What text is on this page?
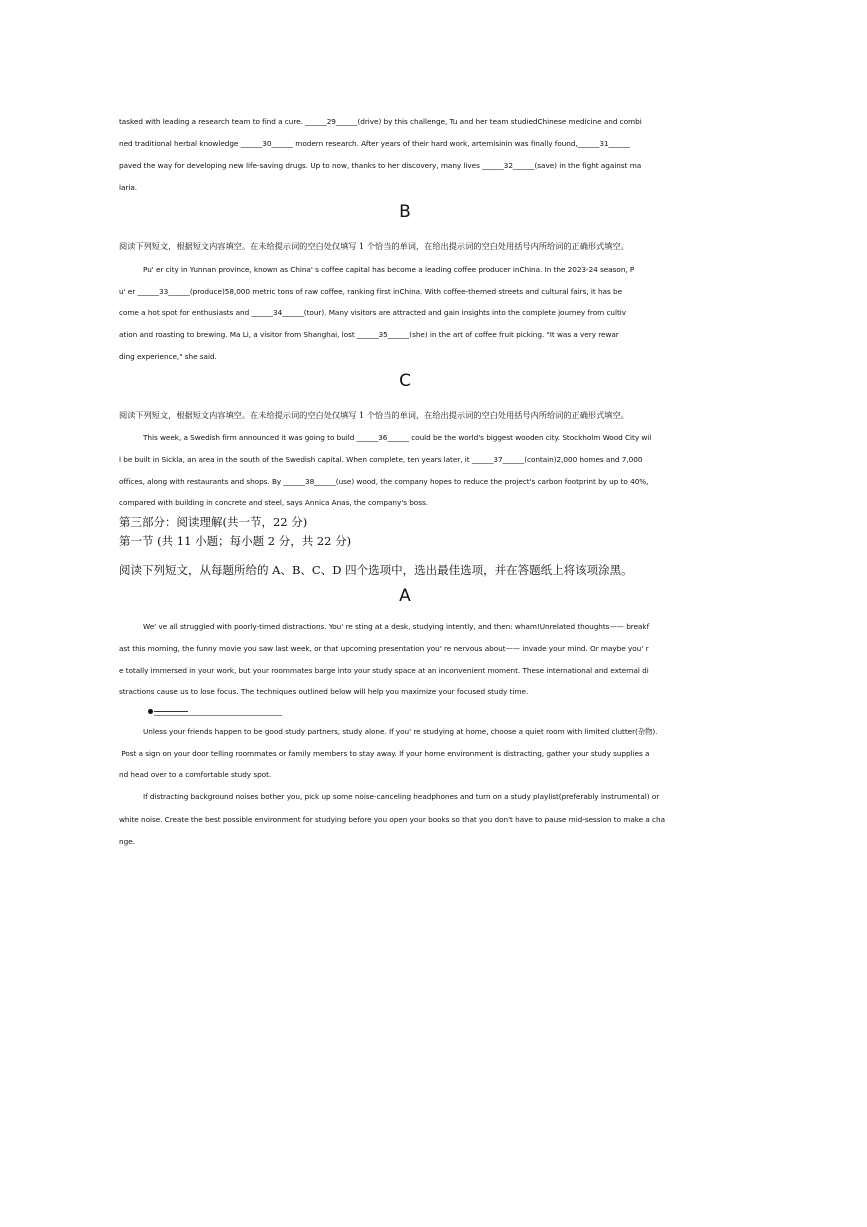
tasked with leading a research team to find a cure. ______29______(drive) by this challenge, Tu and her team studiedChinese medicine and combi
ned traditional herbal knowledge ______30______ modern research. After years of their hard work, artemisinin was finally found,______31______
paved the way for developing new life-saving drugs. Up to now, thanks to her discovery, many lives ______32______(save) in the fight against ma
laria.
B
阅读下列短文，根据短文内容填空。在未给提示词的空白处仅填写 1 个恰当的单词，在给出提示词的空白处用括号内所给词的正确形式填空。
Pu' er city in Yunnan province, known as China' s coffee capital has become a leading coffee producer inChina. In the 2023-24 season, P
u' er ______33______(produce)58,000 metric tons of raw coffee, ranking first inChina. With coffee-themed streets and cultural fairs, it has be
come a hot spot for enthusiasts and ______34______(tour). Many visitors are attracted and gain insights into the complete journey from cultiv
ation and roasting to brewing. Ma Li, a visitor from Shanghai, lost ______35______(she) in the art of coffee fruit picking. "It was a very rewar
ding experience," she said.
C
阅读下列短文，根据短文内容填空。在未给提示词的空白处仅填写 1 个恰当的单词，在给出提示词的空白处用括号内所给词的正确形式填空。
This week, a Swedish firm announced it was going to build ______36______ could be the world's biggest wooden city. Stockholm Wood City wil
l be built in Sickla, an area in the south of the Swedish capital. When complete, ten years later, it ______37______(contain)2,000 homes and 7,000
offices, along with restaurants and shops. By ______38______(use) wood, the company hopes to reduce the project's carbon footprint by up to 40%,
compared with building in concrete and steel, says Annica Anas, the company's boss.
第三部分：阅读理解(共一节，22 分)
第一节 (共 11 小题；每小题 2 分，共 22 分)
阅读下列短文，从每题所给的 A、B、C、D 四个选项中，选出最佳选项，并在答题纸上将该项涂黑。
A
We' ve all struggled with poorly-timed distractions. You' re sting at a desk, studying intently, and then: wham!Unrelated thoughts—— breakf
ast this morning, the funny movie you saw last week, or that upcoming presentation you' re nervous about—— invade your mind. Or maybe you' r
e totally immersed in your work, but your roommates barge into your study space at an inconvenient moment. These international and external di
stractions cause us to lose focus. The techniques outlined below will help you maximize your focused study time.
Unless your friends happen to be good study partners, study alone. If you' re studying at home, choose a quiet room with limited clutter(杂物).
Post a sign on your door telling roommates or family members to stay away. If your home environment is distracting, gather your study supplies a
nd head over to a comfortable study spot.
If distracting background noises bother you, pick up some noise-canceling headphones and turn on a study playlist(preferably instrumental) or
white noise. Create the best possible environment for studying before you open your books so that you don't have to pause mid-session to make a cha
nge.
